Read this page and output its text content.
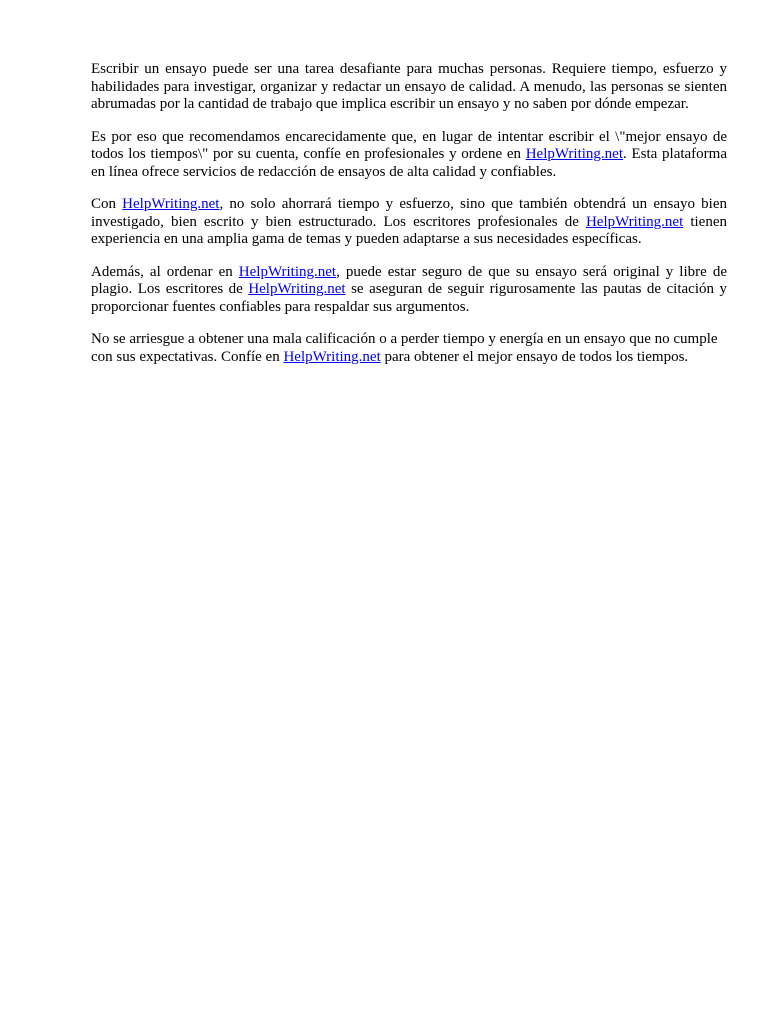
Escribir un ensayo puede ser una tarea desafiante para muchas personas. Requiere tiempo, esfuerzo y habilidades para investigar, organizar y redactar un ensayo de calidad. A menudo, las personas se sienten abrumadas por la cantidad de trabajo que implica escribir un ensayo y no saben por dónde empezar.

Es por eso que recomendamos encarecidamente que, en lugar de intentar escribir el \"mejor ensayo de todos los tiempos\" por su cuenta, confíe en profesionales y ordene en HelpWriting.net. Esta plataforma en línea ofrece servicios de redacción de ensayos de alta calidad y confiables.

Con HelpWriting.net, no solo ahorrará tiempo y esfuerzo, sino que también obtendrá un ensayo bien investigado, bien escrito y bien estructurado. Los escritores profesionales de HelpWriting.net tienen experiencia en una amplia gama de temas y pueden adaptarse a sus necesidades específicas.

Además, al ordenar en HelpWriting.net, puede estar seguro de que su ensayo será original y libre de plagio. Los escritores de HelpWriting.net se aseguran de seguir rigurosamente las pautas de citación y proporcionar fuentes confiables para respaldar sus argumentos.

No se arriesgue a obtener una mala calificación o a perder tiempo y energía en un ensayo que no cumple con sus expectativas. Confíe en HelpWriting.net para obtener el mejor ensayo de todos los tiempos.
